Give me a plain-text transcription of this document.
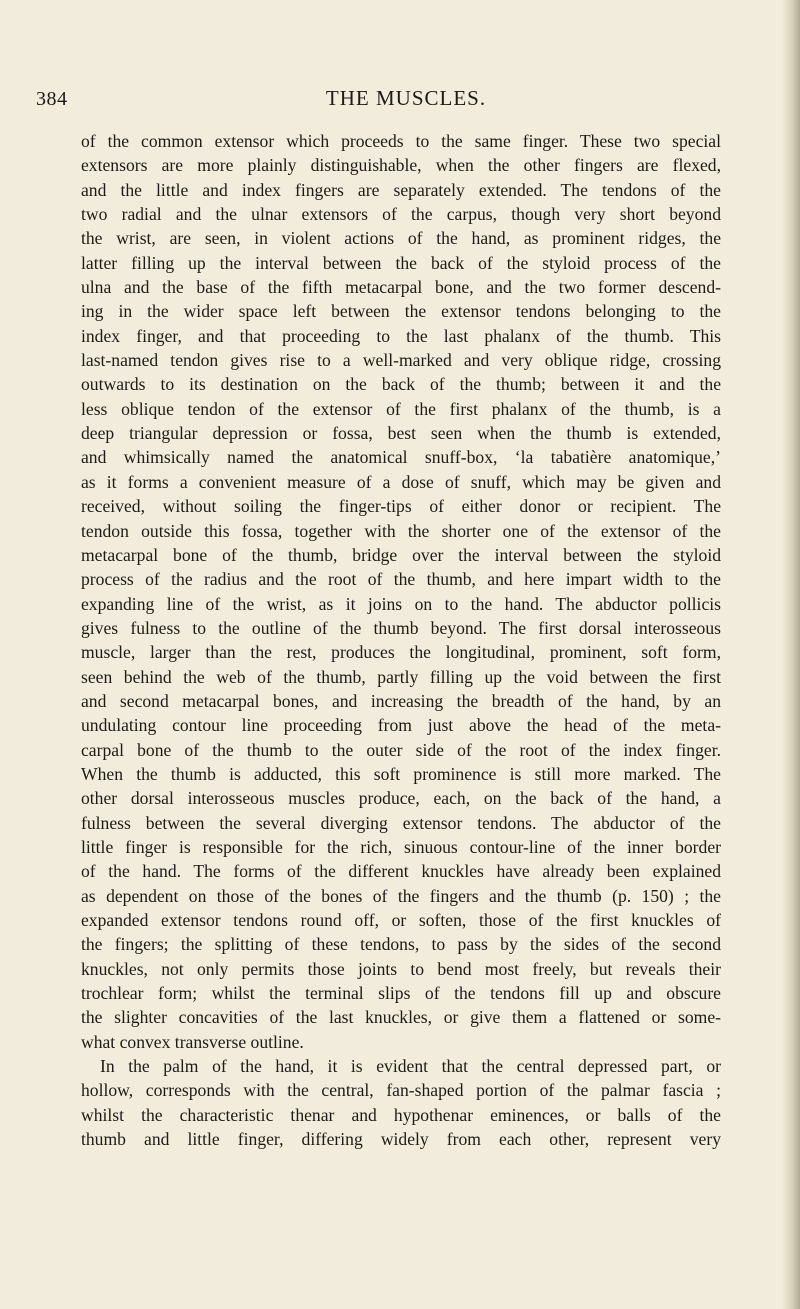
384	THE MUSCLES.
of the common extensor which proceeds to the same finger. These two special
extensors are more plainly distinguishable, when the other fingers are flexed,
and the little and index fingers are separately extended. The tendons of the
two radial and the ulnar extensors of the carpus, though very short beyond
the wrist, are seen, in violent actions of the hand, as prominent ridges, the
latter filling up the interval between the back of the styloid process of the
ulna and the base of the fifth metacarpal bone, and the two former descend-
ing in the wider space left between the extensor tendons belonging to the
index finger, and that proceeding to the last phalanx of the thumb. This
last-named tendon gives rise to a well-marked and very oblique ridge, crossing
outwards to its destination on the back of the thumb; between it and the
less oblique tendon of the extensor of the first phalanx of the thumb, is a
deep triangular depression or fossa, best seen when the thumb is extended,
and whimsically named the anatomical snuff-box, ‘la tabatière anatomique,’
as it forms a convenient measure of a dose of snuff, which may be given and
received, without soiling the finger-tips of either donor or recipient. The
tendon outside this fossa, together with the shorter one of the extensor of the
metacarpal bone of the thumb, bridge over the interval between the styloid
process of the radius and the root of the thumb, and here impart width to the
expanding line of the wrist, as it joins on to the hand. The abductor pollicis
gives fulness to the outline of the thumb beyond. The first dorsal interosseous
muscle, larger than the rest, produces the longitudinal, prominent, soft form,
seen behind the web of the thumb, partly filling up the void between the first
and second metacarpal bones, and increasing the breadth of the hand, by an
undulating contour line proceeding from just above the head of the meta-
carpal bone of the thumb to the outer side of the root of the index finger.
When the thumb is adducted, this soft prominence is still more marked. The
other dorsal interosseous muscles produce, each, on the back of the hand, a
fulness between the several diverging extensor tendons. The abductor of the
little finger is responsible for the rich, sinuous contour-line of the inner border
of the hand. The forms of the different knuckles have already been explained
as dependent on those of the bones of the fingers and the thumb (p. 150) ; the
expanded extensor tendons round off, or soften, those of the first knuckles of
the fingers; the splitting of these tendons, to pass by the sides of the second
knuckles, not only permits those joints to bend most freely, but reveals their
trochlear form; whilst the terminal slips of the tendons fill up and obscure
the slighter concavities of the last knuckles, or give them a flattened or some-
what convex transverse outline.
In the palm of the hand, it is evident that the central depressed part, or
hollow, corresponds with the central, fan-shaped portion of the palmar fascia ;
whilst the characteristic thenar and hypothenar eminences, or balls of the
thumb and little finger, differing widely from each other, represent very
